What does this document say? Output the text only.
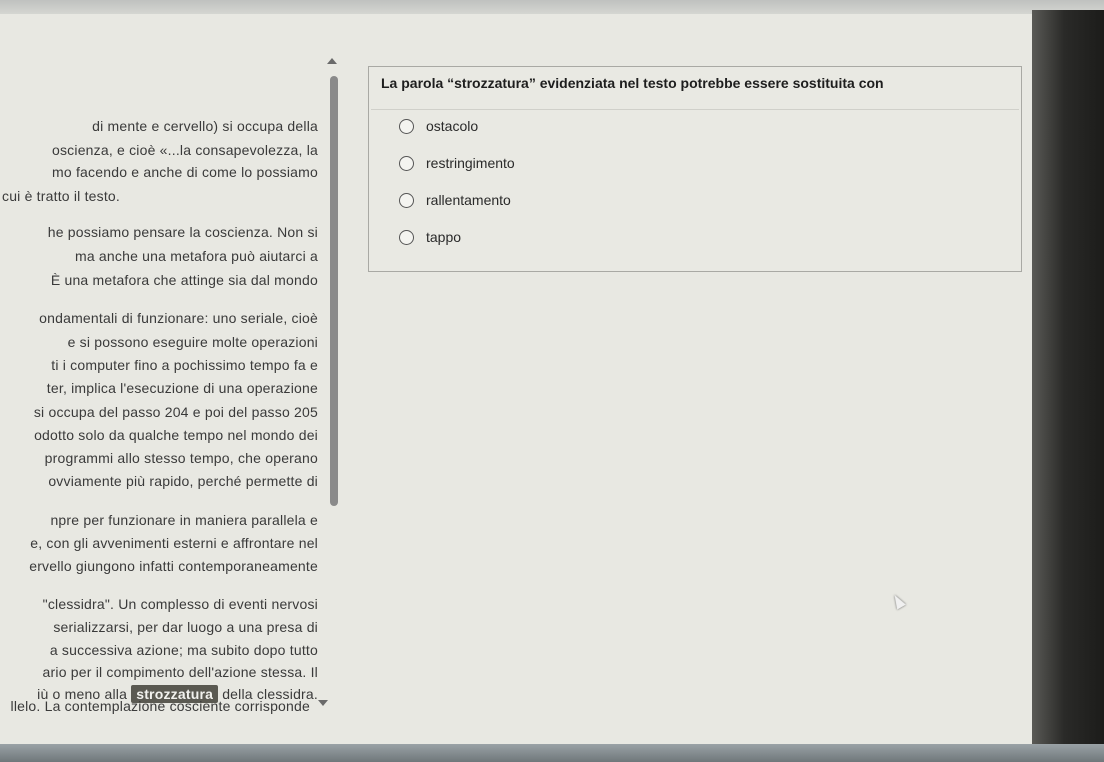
di mente e cervello) si occupa della
oscienza, e cioè «...la consapevolezza, la
mo facendo e anche di come lo possiamo
cui è tratto il testo.
he possiamo pensare la coscienza. Non si
ma anche una metafora può aiutarci a
È una metafora che attinge sia dal mondo
ondamentali di funzionare: uno seriale, cioè
e si possono eseguire molte operazioni
ti i computer fino a pochissimo tempo fa e
ter, implica l'esecuzione di una operazione
si occupa del passo 204 e poi del passo 205
odotto solo da qualche tempo nel mondo dei
programmi allo stesso tempo, che operano
ovviamente più rapido, perché permette di
npre per funzionare in maniera parallela e
e, con gli avvenimenti esterni e affrontare nel
ervello giungono infatti contemporaneamente
"clessidra". Un complesso di eventi nervosi
serializzarsi, per dar luogo a una presa di
a successiva azione; ma subito dopo tutto
ario per il compimento dell'azione stessa. Il
iù o meno alla strozzatura della clessidra.
llelo. La contemplazione cosciente corrisponde
La parola “strozzatura” evidenziata nel testo potrebbe essere sostituita con
ostacolo
restringimento
rallentamento
tappo
